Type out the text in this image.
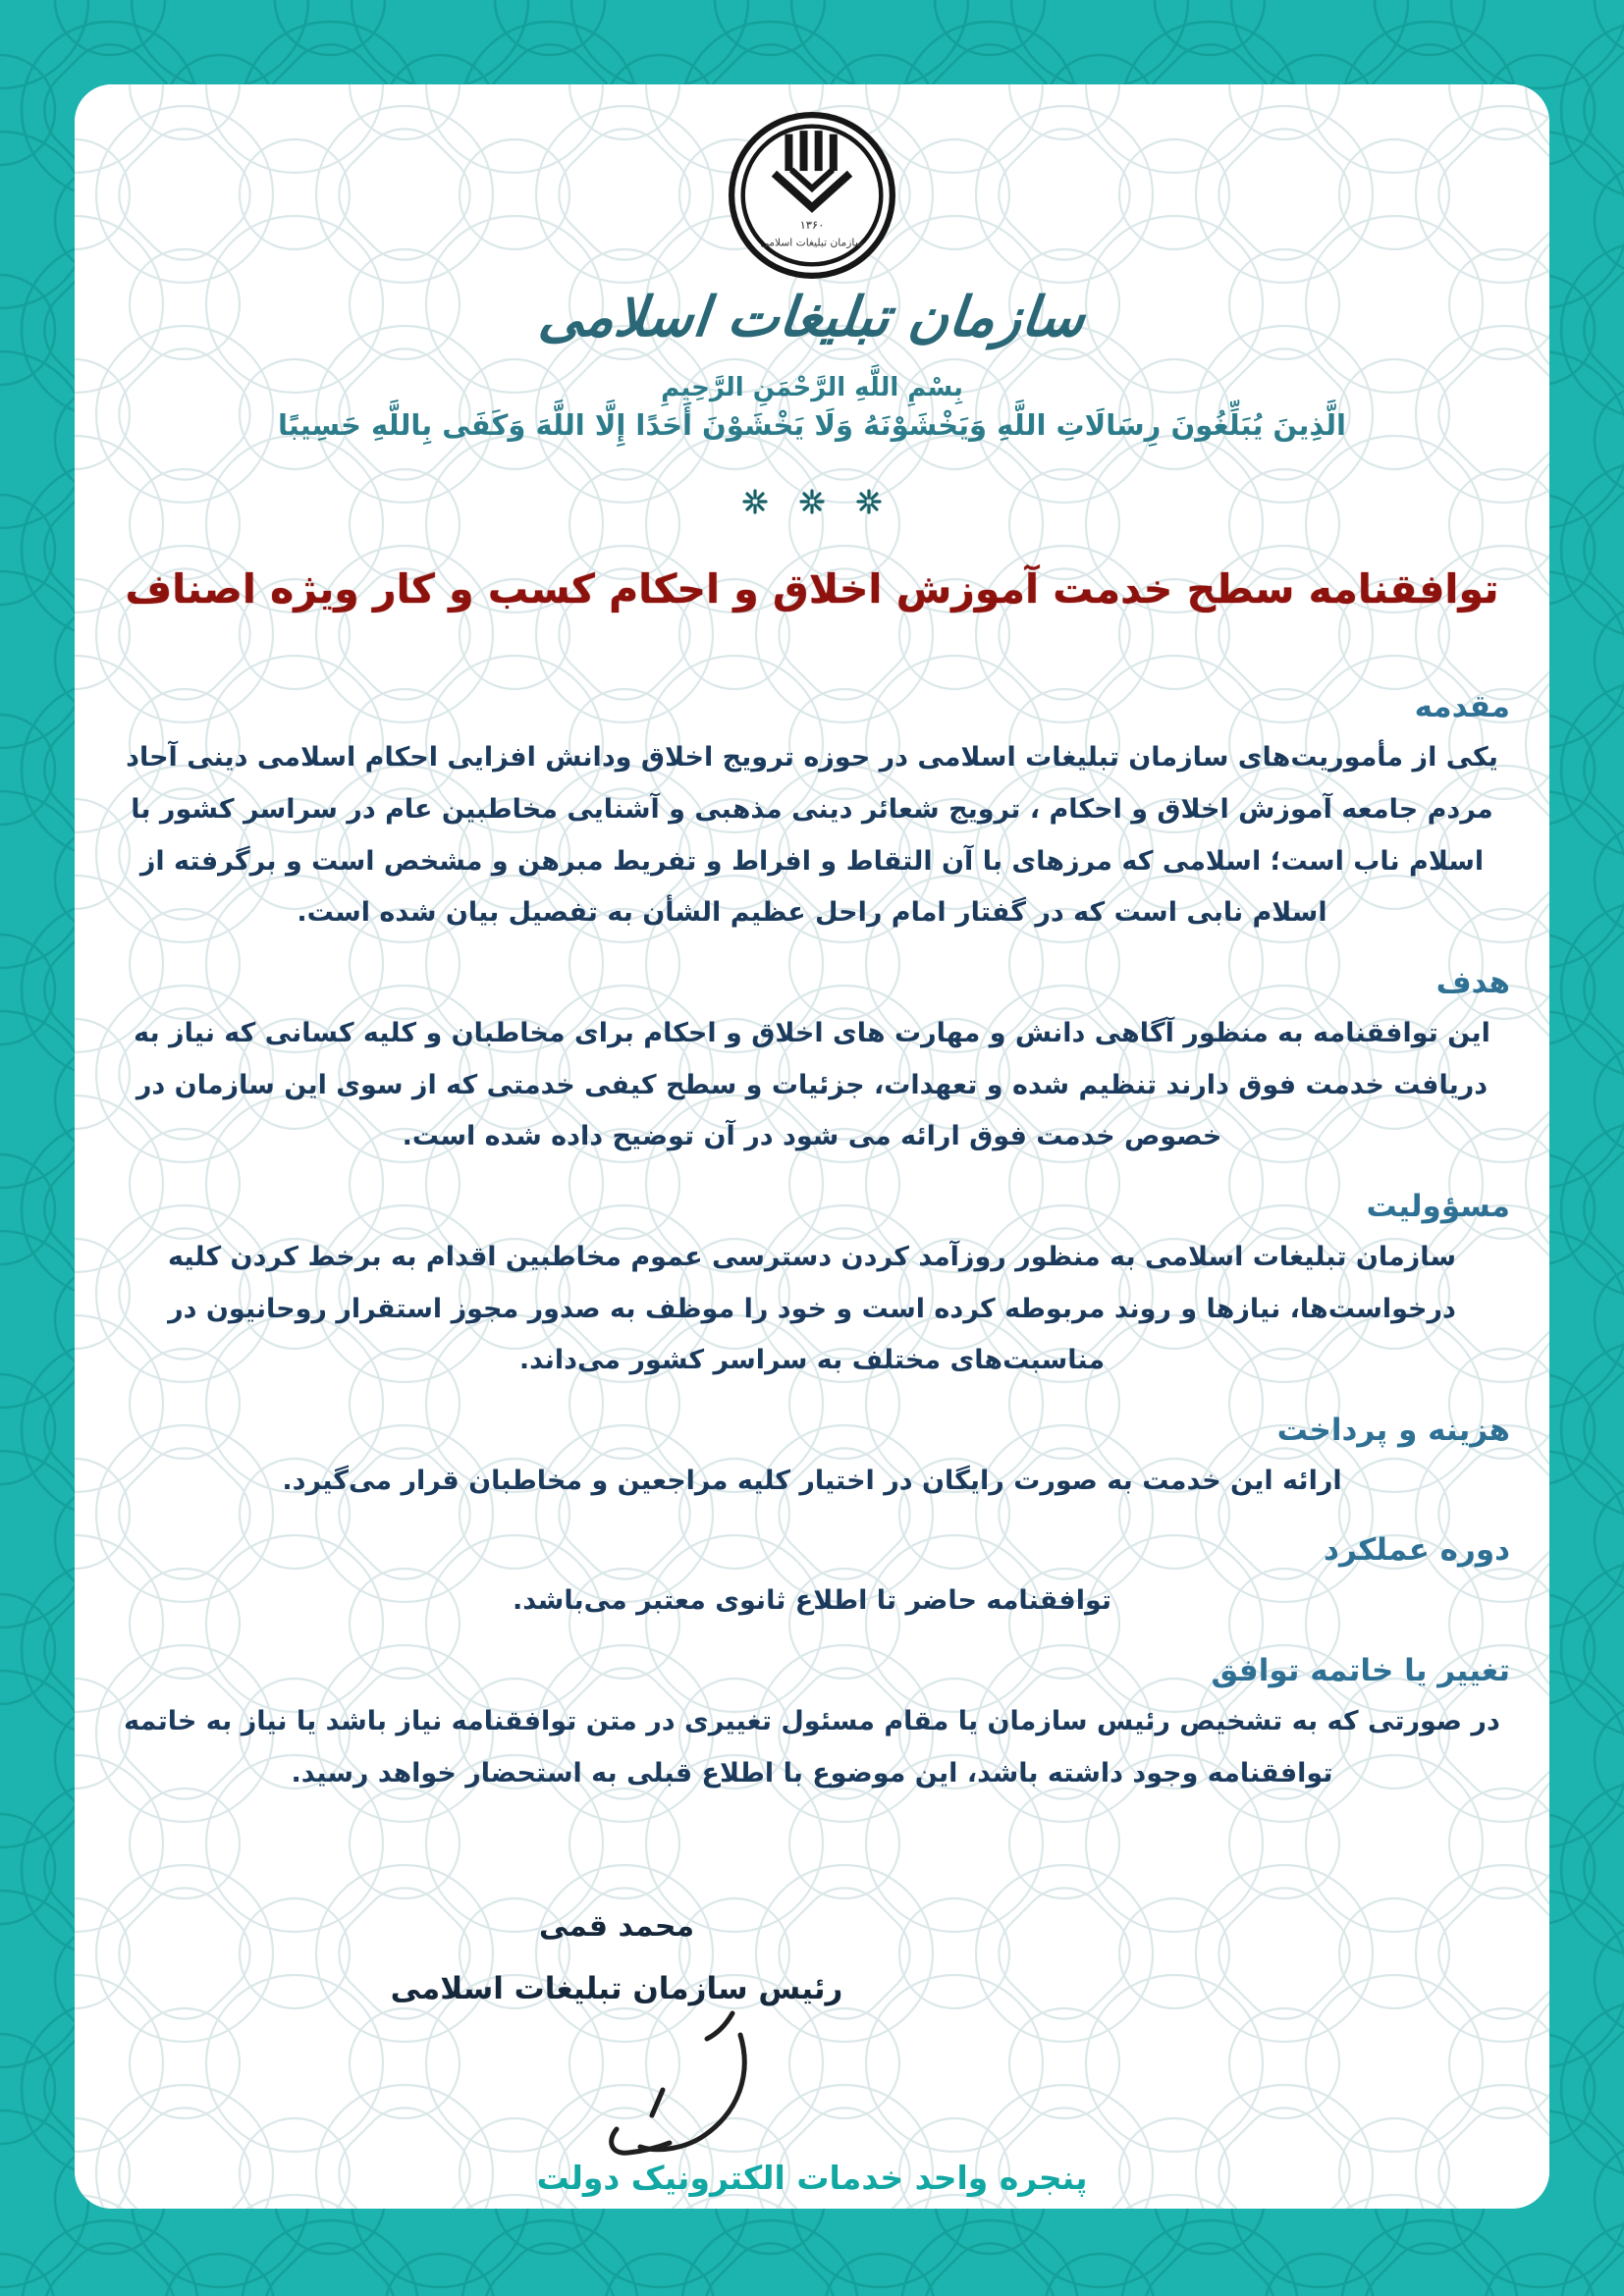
۱۳۶۰
سازمان تبلیغات اسلامی
سازمان تبلیغات اسلامی
بِسْمِ اللَّهِ الرَّحْمَنِ الرَّحِيمِ
الَّذِينَ يُبَلِّغُونَ رِسَالَاتِ اللَّهِ وَيَخْشَوْنَهُ وَلَا يَخْشَوْنَ أَحَدًا إِلَّا اللَّهَ وَكَفَى بِاللَّهِ حَسِيبًا
توافقنامه سطح خدمت آموزش اخلاق و احکام کسب و کار ویژه اصناف
مقدمه

یکی از مأموریت‌های سازمان تبلیغات اسلامی در حوزه ترویج اخلاق ودانش افزایی احکام اسلامی دینی آحاد مردم جامعه آموزش اخلاق و احکام ، ترویج شعائر دینی مذهبی و آشنایی مخاطبین عام در سراسر کشور با اسلام ناب است؛ اسلامی که مرزهای با آن التقاط و افراط و تفریط مبرهن و مشخص است و برگرفته از اسلام نابی است که در گفتار امام راحل عظیم الشأن به تفصیل بیان شده است.

هدف

این توافقنامه به منظور آگاهی دانش و مهارت های اخلاق و احکام برای مخاطبان و کلیه کسانی که نیاز به دریافت خدمت فوق دارند تنظیم شده و تعهدات، جزئیات و سطح کیفی خدمتی که از سوی این سازمان در خصوص خدمت فوق ارائه می شود در آن توضیح داده شده است.

مسؤولیت

سازمان تبلیغات اسلامی به منظور روزآمد کردن دسترسی عموم مخاطبین اقدام به برخط کردن کلیه درخواست‌ها، نیازها و روند مربوطه کرده است و خود را موظف به صدور مجوز استقرار روحانیون در مناسبت‌های مختلف به سراسر کشور می‌داند.

هزینه و پرداخت

ارائه این خدمت به صورت رایگان در اختیار کلیه مراجعین و مخاطبان قرار می‌گیرد.

دوره عملکرد

توافقنامه حاضر تا اطلاع ثانوی معتبر می‌باشد.

تغییر یا خاتمه توافق

در صورتی که به تشخیص رئیس سازمان یا مقام مسئول تغییری در متن توافقنامه نیاز باشد یا نیاز به خاتمه توافقنامه وجود داشته باشد، این موضوع با اطلاع قبلی به استحضار خواهد رسید.

محمد قمی
رئیس سازمان تبلیغات اسلامی
پنجره واحد خدمات الکترونیک دولت
